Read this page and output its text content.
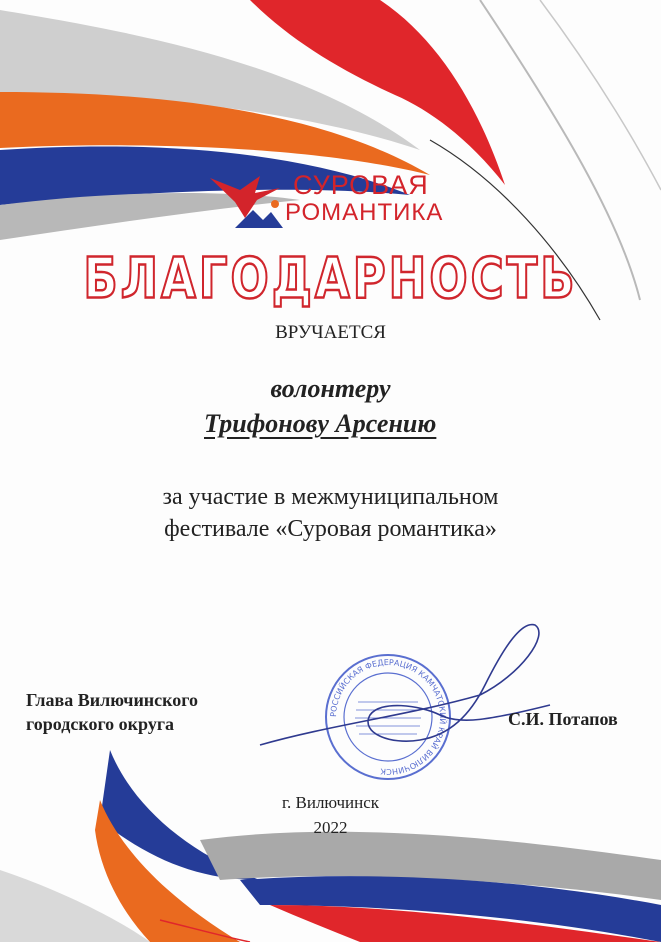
СУРОВАЯ
РОМАНТИКА
БЛАГОДАРНОСТЬ
ВРУЧАЕТСЯ
волонтеру
Трифонову Арсению
за участие в межмуниципальном
фестивале «Суровая романтика»
РОССИЙСКАЯ ФЕДЕРАЦИЯ КАМЧАТСКИЙ КРАЙ ВИЛЮЧИНСК
Глава Вилючинского
городского округа	С.И. Потапов
г. Вилючинск
2022
